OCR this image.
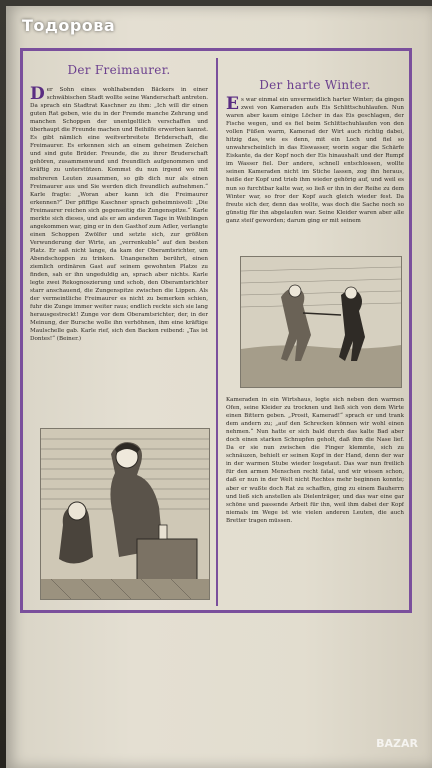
Тодорова
Der Freimaurer.
Der Sohn eines wohlhabenden Bäckers in einer schwäbischen Stadt wollte seine Wanderschaft antreten. Da sprach ein Stadtrat Kaschner zu ihm: „Ich will dir einen guten Rat geben, wie du in der Fremde manche Zehrung und manchen Schoppen der unentgeltlich verschaffen und überhaupt die Freunde machen und Beihilfe erwerben kannst. Es gibt nämlich eine weitverbreitete Brüderschaft, die Freimaurer. Es erkennen sich an einem geheimen Zeichen und sind gute Brüder. Freunde, die zu ihrer Bruderschaft gehören, zusammenwund und freundlich aufgenommen und kräftig zu unterstützen. Kommst du nun irgend wo mit mehreren Leuten zusammen, so gib dich nur als einen Freimaurer aus und Sie werden dich freundlich aufnehmen.“ Karle fragte: „Woran aber kann ich die Freimaurer erkennen?“ Der pfiffige Kaschner sprach geheimnisvoll: „Die Freimaurer reichen sich gegenseitig die Zungenspitze.“ Karle merkte sich dieses, und als er am anderen Tage in Weiblingen angekommen war, ging er in den Gasthof zum Adler, verlangte einen Schoppen Zwölfer und setzte sich, zur größten Verwunderung der Wirte, an „verrenkuble“ auf den besten Platz. Er saß nicht lange, da kam der Oberamtsrichter, um Abendschoppen zu trinken. Unangenehm berührt, einen ziemlich ordinären Gast auf seinem gewohnten Platze zu finden, sah er ihn ungeduldig an, sprach aber nichts. Karle legte zwei Rekognoszierung und schob, den Oberamtsrichter starr anschauend, die Zungenspitze zwischen die Lippen. Als der vermeintliche Freimaurer es nicht zu bemerken schien, fuhr die Zunge immer weiter raus; endlich reckte sich sie lang herausgestreckt! Zunge vor dem Oberamtsrichter, der, in der Meinung, der Bursche wolle ihn verhöhnen, ihm eine kräftige Maulschelle gab. Karle rief, sich den Backen reibend: „Tas ist Dontes!“ (Beiner.)
Der harte Winter.
Es war einmal ein unvermeidlich harter Winter; da gingen zwei von Kameraden aufs Eis Schlittschuhlaufen. Nun waren aber kaum einige Löcher in das Eis geschlagen, der Fische wegen, und es fiel beim Schlittschuhlaufen von den vollen Füßen warm, Kamerad der Wirt auch richtig dabei, hitzig das, wie es denn, mit ein Loch und fiel so unwahrscheinlich in das Eiswasser, worin sogar die Schärfe Eiskante, da der Kopf noch der Eis hinaushalt und der Rumpf im Wasser fiel. Der andere, schnell entschlossen, wollte seinen Kameraden nicht im Stiche lassen, zog ihn heraus, heiße der Kopf und trieb ihm wieder gehörig auf, und weil es nun so furchtbar kalte war, so ließ er ihn in der Reihe zu dem Winter war, so fror der Kopf auch gleich wieder fest. Da freute sich der, denn das wollte, was doch die Sache noch so günstig für ihn abgelaufen war. Seine Kleider waren aber alle ganz steif geworden; darum ging er mit seinem
Kameraden in ein Wirtshaus, legte sich neben den warmen Ofen, seine Kleider zu trocknen und ließ sich von dem Wirte einen Bittern geben. „Prosit, Kamerad!“ sprach er und trank dem andern zu; „auf den Schrecken können wir wohl einen nehmen.“ Nun hatte er sich bald durch das kalte Bad aber doch einen starken Schnupfen geholt, daß ihm die Nase lief. Da er sie nun zwischen die Finger klemmte, sich zu schnäuzen, behielt er seinen Kopf in der Hand, denn der war in der warmen Stube wieder losgetaut. Das war nun freilich für den armen Menschen recht fatal, und wir wissen schon, daß er nun in der Welt nicht Rechtes mehr beginnen konnte; aber er wußte doch Rat zu schaffen, ging zu einem Bauherrn und ließ sich anstellen als Dielenträger, und das war eine gar schöne und passende Arbeit für ihn, weil ihm dabei der Kopf niemals im Wege ist wie vielen anderen Leuten, die auch Bretter tragen müssen.
BAZAR
